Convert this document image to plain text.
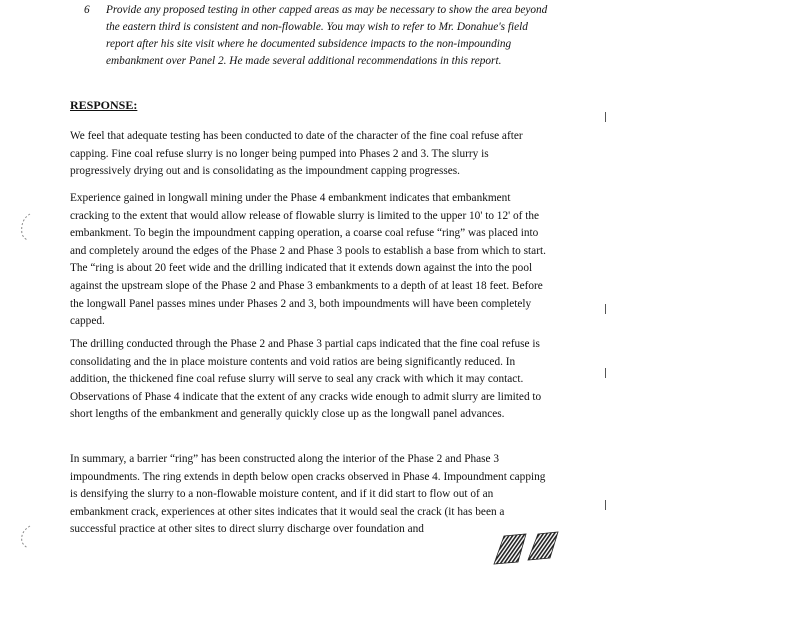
6 Provide any proposed testing in other capped areas as may be necessary to show the area beyond the eastern third is consistent and non-flowable. You may wish to refer to Mr. Donahue's field report after his site visit where he documented subsidence impacts to the non-impounding embankment over Panel 2. He made several additional recommendations in this report.
RESPONSE:

We feel that adequate testing has been conducted to date of the character of the fine coal refuse after capping. Fine coal refuse slurry is no longer being pumped into Phases 2 and 3. The slurry is progressively drying out and is consolidating as the impoundment capping progresses.

Experience gained in longwall mining under the Phase 4 embankment indicates that embankment cracking to the extent that would allow release of flowable slurry is limited to the upper 10' to 12' of the embankment. To begin the impoundment capping operation, a coarse coal refuse “ring” was placed into and completely around the edges of the Phase 2 and Phase 3 pools to establish a base from which to start. The “ring is about 20 feet wide and the drilling indicated that it extends down against the into the pool against the upstream slope of the Phase 2 and Phase 3 embankments to a depth of at least 18 feet. Before the longwall Panel passes mines under Phases 2 and 3, both impoundments will have been completely capped.

The drilling conducted through the Phase 2 and Phase 3 partial caps indicated that the fine coal refuse is consolidating and the in place moisture contents and void ratios are being significantly reduced. In addition, the thickened fine coal refuse slurry will serve to seal any crack with which it may contact. Observations of Phase 4 indicate that the extent of any cracks wide enough to admit slurry are limited to short lengths of the embankment and generally quickly close up as the longwall panel advances.

In summary, a barrier “ring” has been constructed along the interior of the Phase 2 and Phase 3 impoundments. The ring extends in depth below open cracks observed in Phase 4. Impoundment capping is densifying the slurry to a non-flowable moisture content, and if it did start to flow out of an embankment crack, experiences at other sites indicates that it would seal the crack (it has been a successful practice at other sites to direct slurry discharge over foundation and
